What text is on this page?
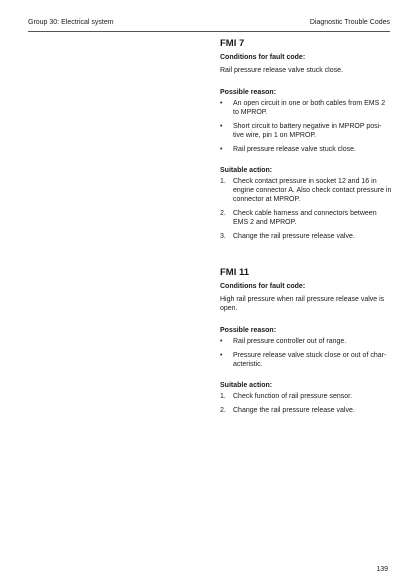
Group 30: Electrical system	Diagnostic Trouble Codes
FMI 7
Conditions for fault code:
Rail pressure release valve stuck close.
Possible reason:
• An open circuit in one or both cables from EMS 2 to MPROP.
• Short circuit to battery negative in MPROP posi-tive wire, pin 1 on MPROP.
• Rail pressure release valve stuck close.
Suitable action:
1. Check contact pressure in socket 12 and 16 in engine connector A. Also check contact pressure in connector at MPROP.
2. Check cable harness and connectors between EMS 2 and MPROP.
3. Change the rail pressure release valve.
FMI 11
Conditions for fault code:
High rail pressure when rail pressure release valve is open.
Possible reason:
• Rail pressure controller out of range.
• Pressure release valve stuck close or out of char-acteristic.
Suitable action:
1. Check function of rail pressure sensor.
2. Change the rail pressure release valve.
139
